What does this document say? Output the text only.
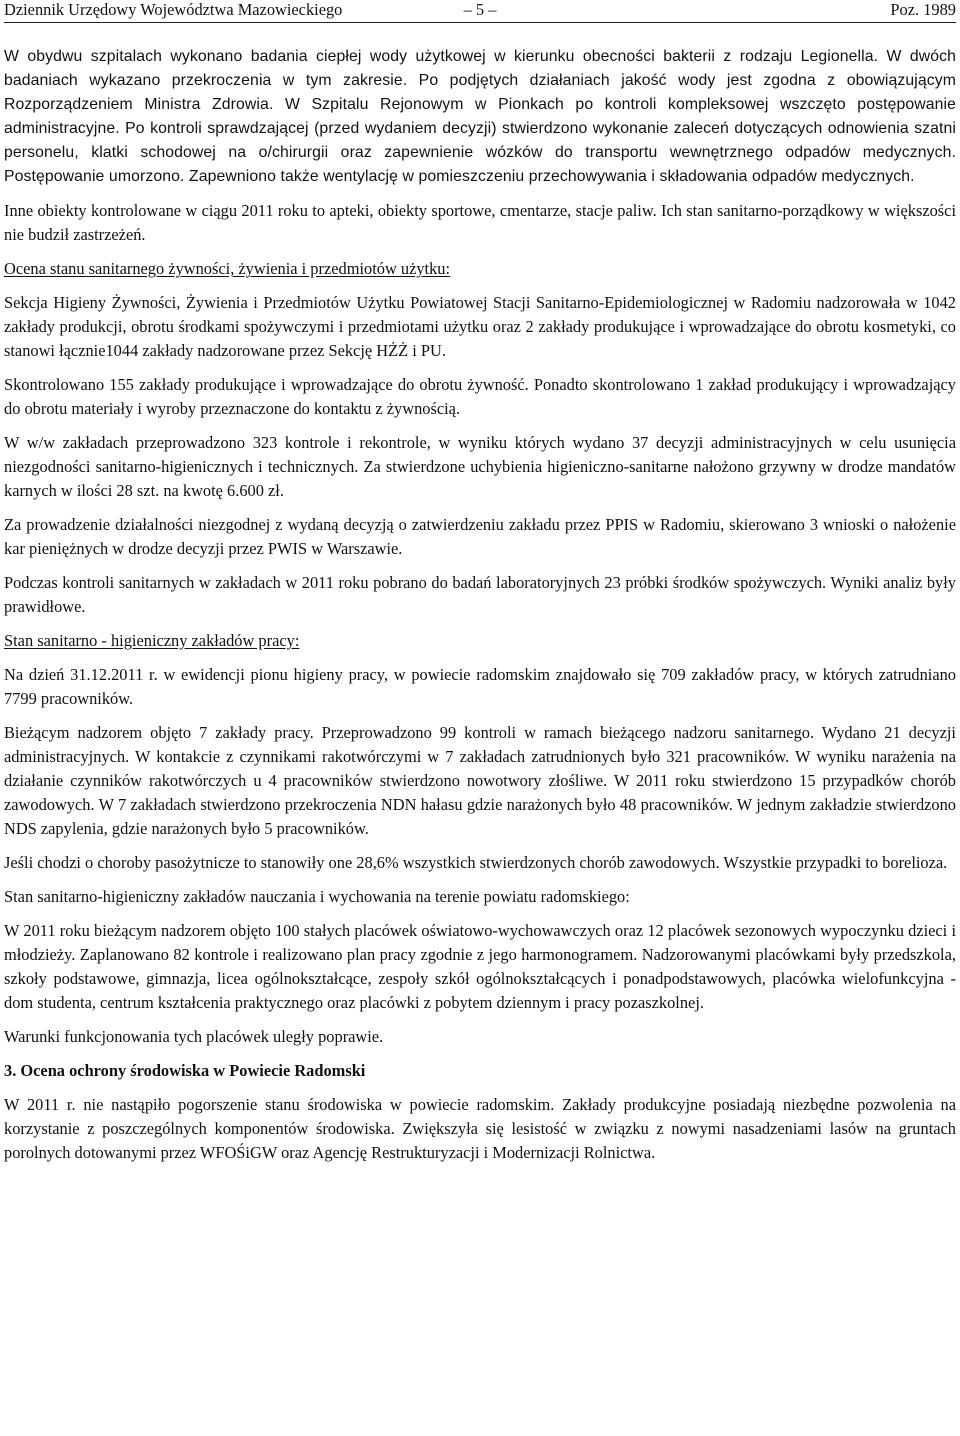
Dziennik Urzędowy Województwa Mazowieckiego	– 5 –	Poz. 1989

W obydwu szpitalach wykonano badania ciepłej wody użytkowej w kierunku obecności bakterii z rodzaju Legionella. W dwóch badaniach wykazano przekroczenia w tym zakresie. Po podjętych działaniach jakość wody jest zgodna z obowiązującym Rozporządzeniem Ministra Zdrowia. W Szpitalu Rejonowym w Pionkach po kontroli kompleksowej wszczęto postępowanie administracyjne. Po kontroli sprawdzającej (przed wydaniem decyzji) stwierdzono wykonanie zaleceń dotyczących odnowienia szatni personelu, klatki schodowej na o/chirurgii oraz zapewnienie wózków do transportu wewnętrznego odpadów medycznych. Postępowanie umorzono. Zapewniono także wentylację w pomieszczeniu przechowywania i składowania odpadów medycznych.

Inne obiekty kontrolowane w ciągu 2011 roku to apteki, obiekty sportowe, cmentarze, stacje paliw. Ich stan sanitarno-porządkowy w większości nie budził zastrzeżeń.

Ocena stanu sanitarnego żywności, żywienia i przedmiotów użytku:

Sekcja Higieny Żywności, Żywienia i Przedmiotów Użytku Powiatowej Stacji Sanitarno-Epidemiologicznej w Radomiu nadzorowała w 1042 zakłady produkcji, obrotu środkami spożywczymi i przedmiotami użytku oraz 2 zakłady produkujące i wprowadzające do obrotu kosmetyki, co stanowi łącznie1044 zakłady nadzorowane przez Sekcję HŻŻ i PU.

Skontrolowano 155 zakłady produkujące i wprowadzające do obrotu żywność. Ponadto skontrolowano 1 zakład produkujący i wprowadzający do obrotu materiały i wyroby przeznaczone do kontaktu z żywnością.

W w/w zakładach przeprowadzono 323 kontrole i rekontrole, w wyniku których wydano 37 decyzji administracyjnych w celu usunięcia niezgodności sanitarno-higienicznych i technicznych. Za stwierdzone uchybienia higieniczno-sanitarne nałożono grzywny w drodze mandatów karnych w ilości 28 szt. na kwotę 6.600 zł.

Za prowadzenie działalności niezgodnej z wydaną decyzją o zatwierdzeniu zakładu przez PPIS w Radomiu, skierowano 3 wnioski o nałożenie kar pieniężnych w drodze decyzji przez PWIS w Warszawie.

Podczas kontroli sanitarnych w zakładach w 2011 roku pobrano do badań laboratoryjnych 23 próbki środków spożywczych. Wyniki analiz były prawidłowe.

Stan sanitarno - higieniczny zakładów pracy:

Na dzień 31.12.2011 r. w ewidencji pionu higieny pracy, w powiecie radomskim znajdowało się 709 zakładów pracy, w których zatrudniano 7799 pracowników.

Bieżącym nadzorem objęto 7 zakłady pracy. Przeprowadzono 99 kontroli w ramach bieżącego nadzoru sanitarnego. Wydano 21 decyzji administracyjnych. W kontakcie z czynnikami rakotwórczymi w 7 zakładach zatrudnionych było 321 pracowników. W wyniku narażenia na działanie czynników rakotwórczych u 4 pracowników stwierdzono nowotwory złośliwe. W 2011 roku stwierdzono 15 przypadków chorób zawodowych. W 7 zakładach stwierdzono przekroczenia NDN hałasu gdzie narażonych było 48 pracowników. W jednym zakładzie stwierdzono NDS zapylenia, gdzie narażonych było 5 pracowników.

Jeśli chodzi o choroby pasożytnicze to stanowiły one 28,6% wszystkich stwierdzonych chorób zawodowych. Wszystkie przypadki to borelioza.

Stan sanitarno-higieniczny zakładów nauczania i wychowania na terenie powiatu radomskiego:

W 2011 roku bieżącym nadzorem objęto 100 stałych placówek oświatowo-wychowawczych oraz 12 placówek sezonowych wypoczynku dzieci i młodzieży. Zaplanowano 82 kontrole i realizowano plan pracy zgodnie z jego harmonogramem. Nadzorowanymi placówkami były przedszkola, szkoły podstawowe, gimnazja, licea ogólnokształcące, zespoły szkół ogólnokształcących i ponadpodstawowych, placówka wielofunkcyjna - dom studenta, centrum kształcenia praktycznego oraz placówki z pobytem dziennym i pracy pozaszkolnej.

Warunki funkcjonowania tych placówek uległy poprawie.

3. Ocena ochrony środowiska w Powiecie Radomski

W 2011 r. nie nastąpiło pogorszenie stanu środowiska w powiecie radomskim. Zakłady produkcyjne posiadają niezbędne pozwolenia na korzystanie z poszczególnych komponentów środowiska. Zwiększyła się lesistość w związku z nowymi nasadzeniami lasów na gruntach porolnych dotowanymi przez WFOŚiGW oraz Agencję Restrukturyzacji i Modernizacji Rolnictwa.
